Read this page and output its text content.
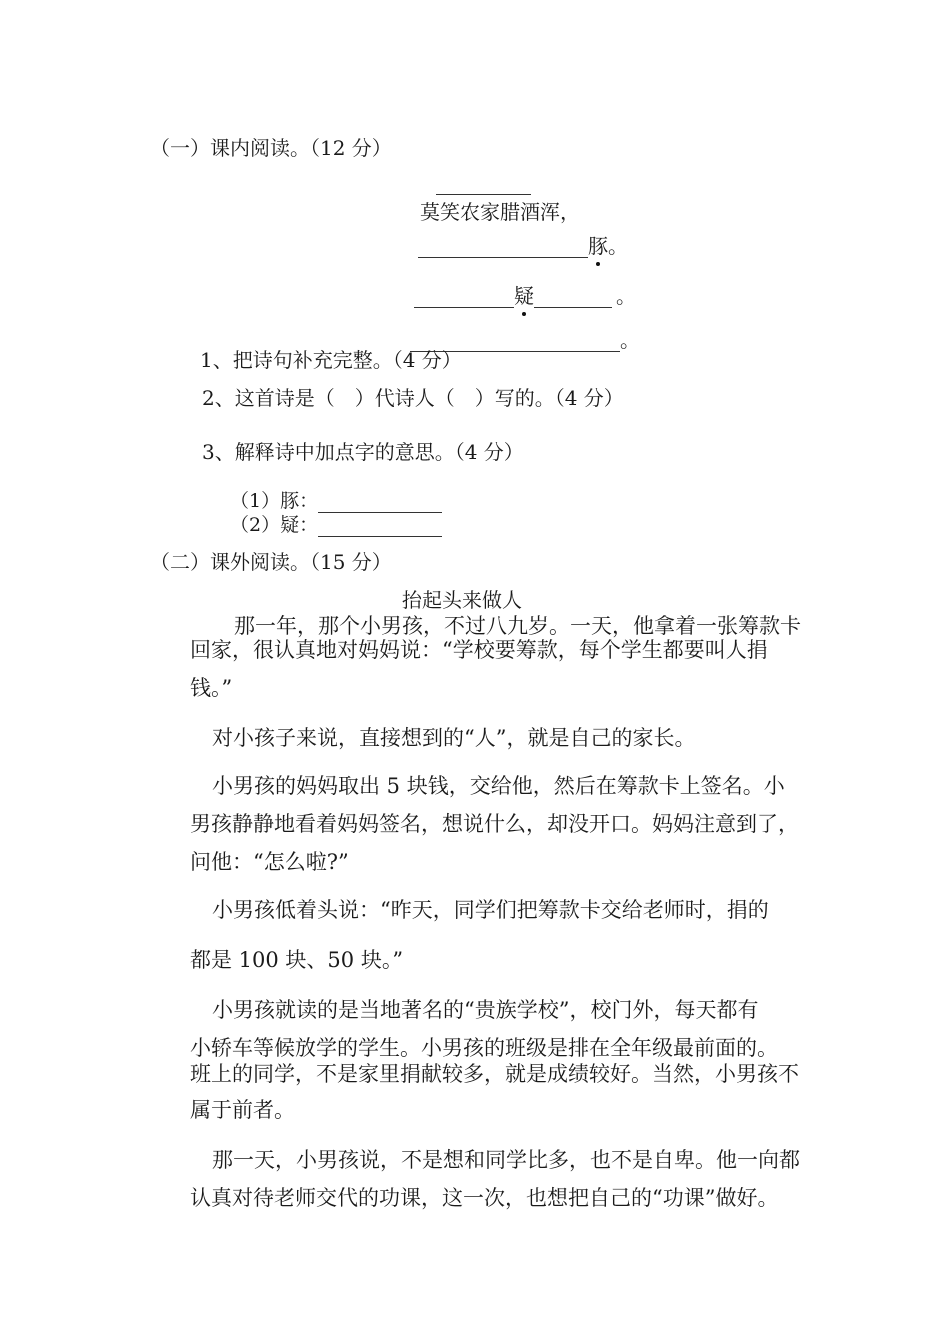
（一）课内阅读。（12 分）
莫笑农家腊酒浑，
豚。
疑	。
。
1、把诗句补充完整。（4 分）
2、这首诗是（　）代诗人（　）写的。（4 分）
3、解释诗中加点字的意思。（4 分）
（1）豚：
（2）疑：
（二）课外阅读。（15 分）
抬起头来做人
那一年，那个小男孩，不过八九岁。一天，他拿着一张筹款卡
回家，很认真地对妈妈说：“学校要筹款，每个学生都要叫人捐
钱。”
对小孩子来说，直接想到的“人”，就是自己的家长。
小男孩的妈妈取出 5 块钱，交给他，然后在筹款卡上签名。小
男孩静静地看着妈妈签名，想说什么，却没开口。妈妈注意到了，
问他：“怎么啦?”
小男孩低着头说：“昨天，同学们把筹款卡交给老师时，捐的
都是 100 块、50 块。”
小男孩就读的是当地著名的“贵族学校”，校门外，每天都有
小轿车等候放学的学生。小男孩的班级是排在全年级最前面的。
班上的同学，不是家里捐献较多，就是成绩较好。当然，小男孩不
属于前者。
那一天，小男孩说，不是想和同学比多，也不是自卑。他一向都
认真对待老师交代的功课，这一次，也想把自己的“功课”做好。
